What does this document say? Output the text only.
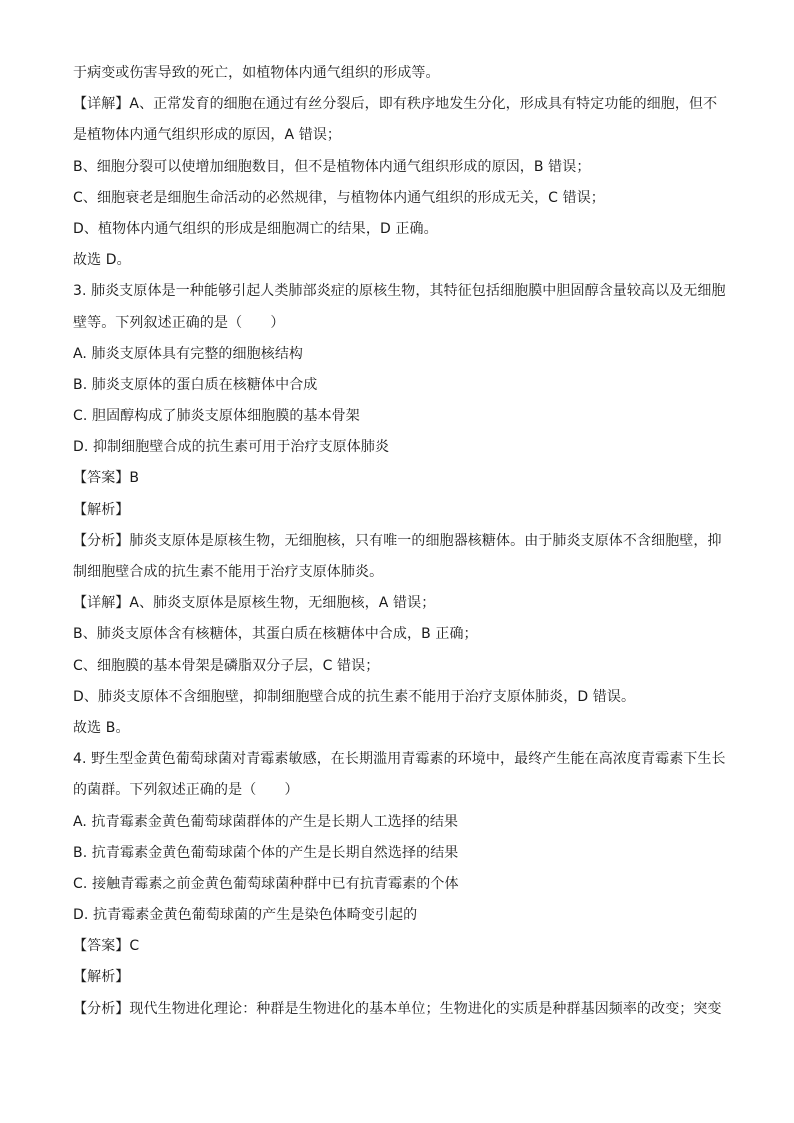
于病变或伤害导致的死亡，如植物体内通气组织的形成等。
【详解】A、正常发育的细胞在通过有丝分裂后，即有秩序地发生分化，形成具有特定功能的细胞，但不
是植物体内通气组织形成的原因，A 错误；
B、细胞分裂可以使增加细胞数目，但不是植物体内通气组织形成的原因，B 错误；
C、细胞衰老是细胞生命活动的必然规律，与植物体内通气组织的形成无关，C 错误；
D、植物体内通气组织的形成是细胞凋亡的结果，D 正确。
故选 D。
3. 肺炎支原体是一种能够引起人类肺部炎症的原核生物，其特征包括细胞膜中胆固醇含量较高以及无细胞
壁等。下列叙述正确的是（　　）
A. 肺炎支原体具有完整的细胞核结构
B. 肺炎支原体的蛋白质在核糖体中合成
C. 胆固醇构成了肺炎支原体细胞膜的基本骨架
D. 抑制细胞壁合成的抗生素可用于治疗支原体肺炎
【答案】B
【解析】
【分析】肺炎支原体是原核生物，无细胞核，只有唯一的细胞器核糖体。由于肺炎支原体不含细胞壁，抑
制细胞壁合成的抗生素不能用于治疗支原体肺炎。
【详解】A、肺炎支原体是原核生物，无细胞核，A 错误；
B、肺炎支原体含有核糖体，其蛋白质在核糖体中合成，B 正确；
C、细胞膜的基本骨架是磷脂双分子层，C 错误；
D、肺炎支原体不含细胞壁，抑制细胞壁合成的抗生素不能用于治疗支原体肺炎，D 错误。
故选 B。
4. 野生型金黄色葡萄球菌对青霉素敏感，在长期滥用青霉素的环境中，最终产生能在高浓度青霉素下生长
的菌群。下列叙述正确的是（　　）
A. 抗青霉素金黄色葡萄球菌群体的产生是长期人工选择的结果
B. 抗青霉素金黄色葡萄球菌个体的产生是长期自然选择的结果
C. 接触青霉素之前金黄色葡萄球菌种群中已有抗青霉素的个体
D. 抗青霉素金黄色葡萄球菌的产生是染色体畸变引起的
【答案】C
【解析】
【分析】现代生物进化理论：种群是生物进化的基本单位；生物进化的实质是种群基因频率的改变；突变
